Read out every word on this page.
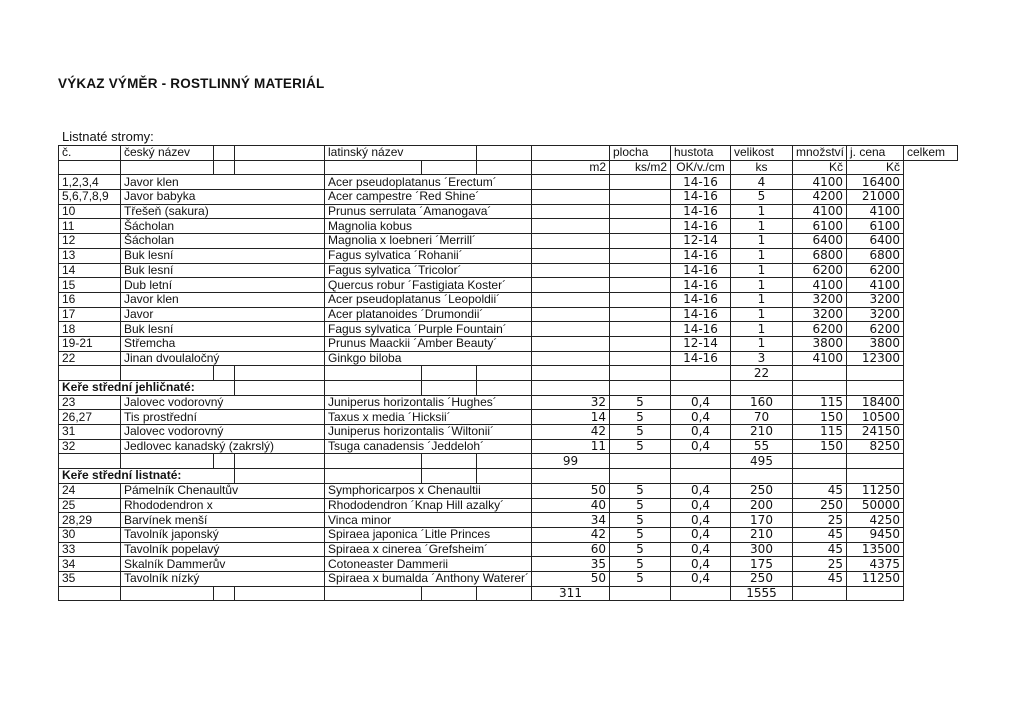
VÝKAZ VÝMĚR - ROSTLINNÝ MATERIÁL
Listnaté stromy:
č.	český název			latinský název				plocha	hustota	velikost	množství	j. cena	celkem
							m2	ks/m2	OK/v./cm	ks	Kč	Kč	
1,2,3,4	Javor klen			Acer pseudoplatanus ´Erectum´					14-16	4	4100	16400	
5,6,7,8,9	Javor babyka			Acer campestre ´Red Shine´					14-16	5	4200	21000	
10	Třešeň (sakura)			Prunus serrulata ´Amanogava´					14-16	1	4100	4100	
11	Šácholan			Magnolia kobus					14-16	1	6100	6100	
12	Šácholan			Magnolia x loebneri ´Merrill´					12-14	1	6400	6400	
13	Buk lesní			Fagus sylvatica ´Rohanii´					14-16	1	6800	6800	
14	Buk lesní			Fagus sylvatica ´Tricolor´					14-16	1	6200	6200	
15	Dub letní			Quercus robur ´Fastigiata Koster´					14-16	1	4100	4100	
16	Javor klen			Acer pseudoplatanus ´Leopoldii´					14-16	1	3200	3200	
17	Javor			Acer platanoides ´Drumondii´					14-16	1	3200	3200	
18	Buk lesní			Fagus sylvatica ´Purple Fountain´					14-16	1	6200	6200	
19-21	Střemcha			Prunus Maackii ´Amber Beauty´					12-14	1	3800	3800	
22	Jinan dvoulaločný			Ginkgo biloba					14-16	3	4100	12300	
										22			
Keře střední jehličnaté:													
23	Jalovec vodorovný			Juniperus horizontalis ´Hughes´			32	5	0,4	160	115	18400	
26,27	Tis prostřední			Taxus x media ´Hicksii´			14	5	0,4	70	150	10500	
31	Jalovec vodorovný			Juniperus horizontalis ´Wiltonii´			42	5	0,4	210	115	24150	
32	Jedlovec kanadský (zakrslý)			Tsuga canadensis ´Jeddeloh´			11	5	0,4	55	150	8250	
							99			495			
Keře střední listnaté:													
24	Pámelník Chenaultův			Symphoricarpos x Chenaultii			50	5	0,4	250	45	11250	
25	Rhododendron x			Rhododendron ´Knap Hill azalky´			40	5	0,4	200	250	50000	
28,29	Barvínek menší			Vinca minor			34	5	0,4	170	25	4250	
30	Tavolník japonský			Spiraea japonica ´Litle Princes			42	5	0,4	210	45	9450	
33	Tavolník popelavý			Spiraea x cinerea ´Grefsheim´			60	5	0,4	300	45	13500	
34	Skalník Dammerův			Cotoneaster Dammerii			35	5	0,4	175	25	4375	
35	Tavolník nízký			Spiraea x bumalda ´Anthony Waterer´			50	5	0,4	250	45	11250	
							311			1555			
